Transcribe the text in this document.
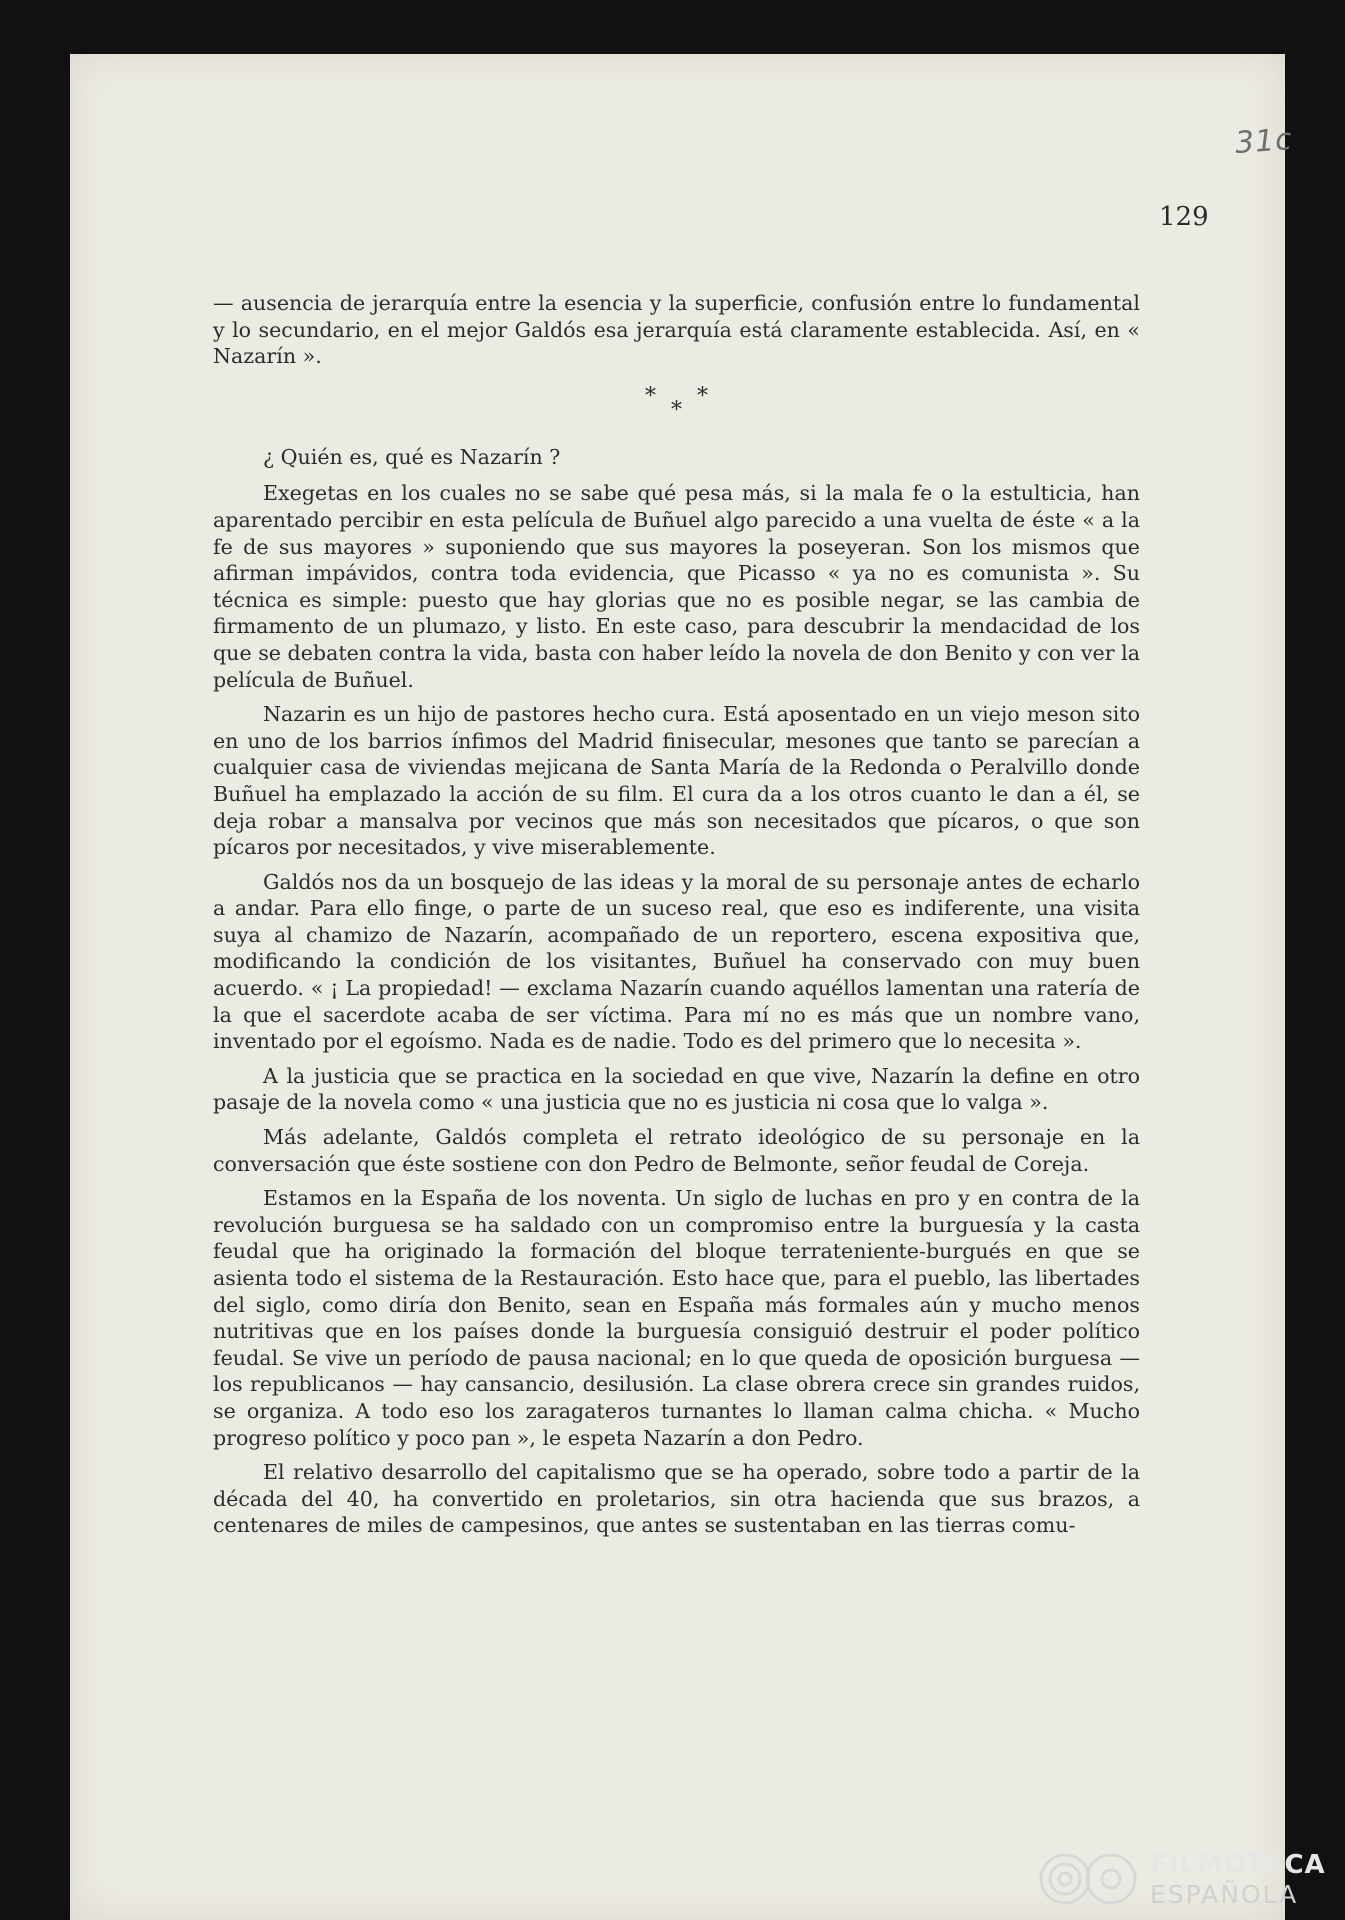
31c
129

— ausencia de jerarquía entre la esencia y la superficie, confusión entre lo fundamental y lo secundario, en el mejor Galdós esa jerarquía está claramente establecida. Así, en « Nazarín ».

*
*
*

¿ Quién es, qué es Nazarín ?

Exegetas en los cuales no se sabe qué pesa más, si la mala fe o la estulticia, han aparentado percibir en esta película de Buñuel algo parecido a una vuelta de éste « a la fe de sus mayores » suponiendo que sus mayores la poseyeran. Son los mismos que afirman impávidos, contra toda evidencia, que Picasso « ya no es comunista ». Su técnica es simple: puesto que hay glorias que no es posible negar, se las cambia de firmamento de un plumazo, y listo. En este caso, para descubrir la mendacidad de los que se debaten contra la vida, basta con haber leído la novela de don Benito y con ver la película de Buñuel.

Nazarin es un hijo de pastores hecho cura. Está aposentado en un viejo meson sito en uno de los barrios ínfimos del Madrid finisecular, mesones que tanto se parecían a cualquier casa de viviendas mejicana de Santa María de la Redonda o Peralvillo donde Buñuel ha emplazado la acción de su film. El cura da a los otros cuanto le dan a él, se deja robar a mansalva por vecinos que más son necesitados que pícaros, o que son pícaros por necesitados, y vive miserablemente.

Galdós nos da un bosquejo de las ideas y la moral de su personaje antes de echarlo a andar. Para ello finge, o parte de un suceso real, que eso es indiferente, una visita suya al chamizo de Nazarín, acompañado de un reportero, escena expositiva que, modificando la condición de los visitantes, Buñuel ha conservado con muy buen acuerdo. « ¡ La propiedad! — exclama Nazarín cuando aquéllos lamentan una ratería de la que el sacerdote acaba de ser víctima. Para mí no es más que un nombre vano, inventado por el egoísmo. Nada es de nadie. Todo es del primero que lo necesita ».

A la justicia que se practica en la sociedad en que vive, Nazarín la define en otro pasaje de la novela como « una justicia que no es justicia ni cosa que lo valga ».

Más adelante, Galdós completa el retrato ideológico de su personaje en la conversación que éste sostiene con don Pedro de Belmonte, señor feudal de Coreja.

Estamos en la España de los noventa. Un siglo de luchas en pro y en contra de la revolución burguesa se ha saldado con un compromiso entre la burguesía y la casta feudal que ha originado la formación del bloque terrateniente-burgués en que se asienta todo el sistema de la Restauración. Esto hace que, para el pueblo, las libertades del siglo, como diría don Benito, sean en España más formales aún y mucho menos nutritivas que en los países donde la burguesía consiguió destruir el poder político feudal. Se vive un período de pausa nacional; en lo que queda de oposición burguesa — los republicanos — hay cansancio, desilusión. La clase obrera crece sin grandes ruidos, se organiza. A todo eso los zaragateros turnantes lo llaman calma chicha. « Mucho progreso político y poco pan », le espeta Nazarín a don Pedro.

El relativo desarrollo del capitalismo que se ha operado, sobre todo a partir de la década del 40, ha convertido en proletarios, sin otra hacienda que sus brazos, a centenares de miles de campesinos, que antes se sustentaban en las tierras comu-

FILMOTECA
ESPAÑOLA
